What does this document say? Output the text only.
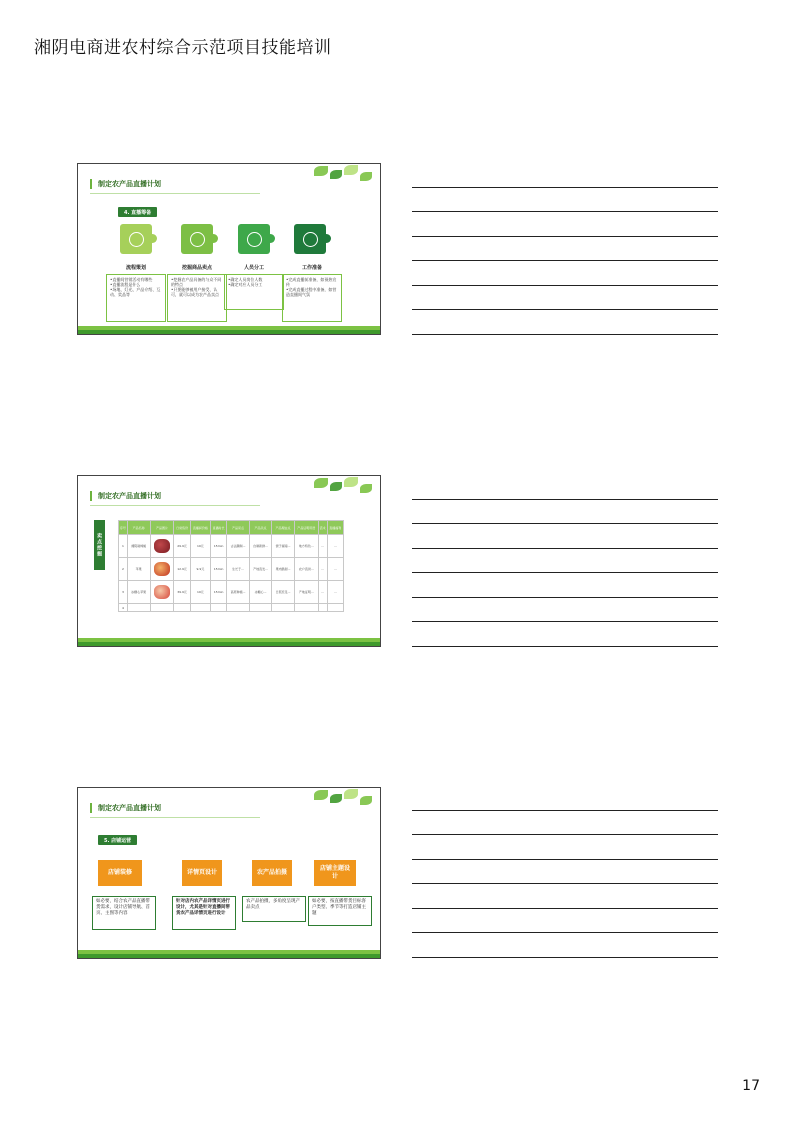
湘阴电商进农村综合示范项目技能培训
制定农产品直播计划
4. 直播筹备
流程策划	挖掘商品卖点	人员分工	工作准备
•直播间营销活动有哪些
•直播流程是什么
•场地、灯光、产品介绍、互动、奖品等
•挖掘农产品具备的与众不同的特点
•只要能够被用户接受、认可，就可以成为农产品卖点
•确定人员岗位人数
•确定对应人员分工
•完成直播前准备，如预热宣传
•完成直播过程中准备，如营造直播间气氛
制定农产品直播计划
卖点挖掘
序号	产品名称	产品图片	日常售价	直播间价格	直播时长	产品亮点	产品卖点	产品理由点	产品证明用语	话术	直播福利
1	湘阴剁辣椒		29.9元	19元	15min	古法腌制...	自制新鲜...	源于湖南...	地方特色...	...	...
2	苹果		12.9元	9.9元	15min	生长于...	产地直发...	果肉脆甜...	农户直供...	...	...
3	冰糖心苹果		39.9元	19元	15min	高原种植...	冰糖心...	日照充足...	产地证明...	...	...
4											
制定农产品直播计划
5. 店铺运营
店铺装修	详情页设计	农产品拍摄
店铺主题设计
如必要，结合农产品直播带货需求，设计店铺导航、首页、主图等内容
针对店内农产品详情页进行设计，尤其是针对直播间带货农产品详情页进行设计
农产品拍摄，多角度呈现产品卖点
如必要，按直播带货目标客户类型、季节等打造店铺主题
17
